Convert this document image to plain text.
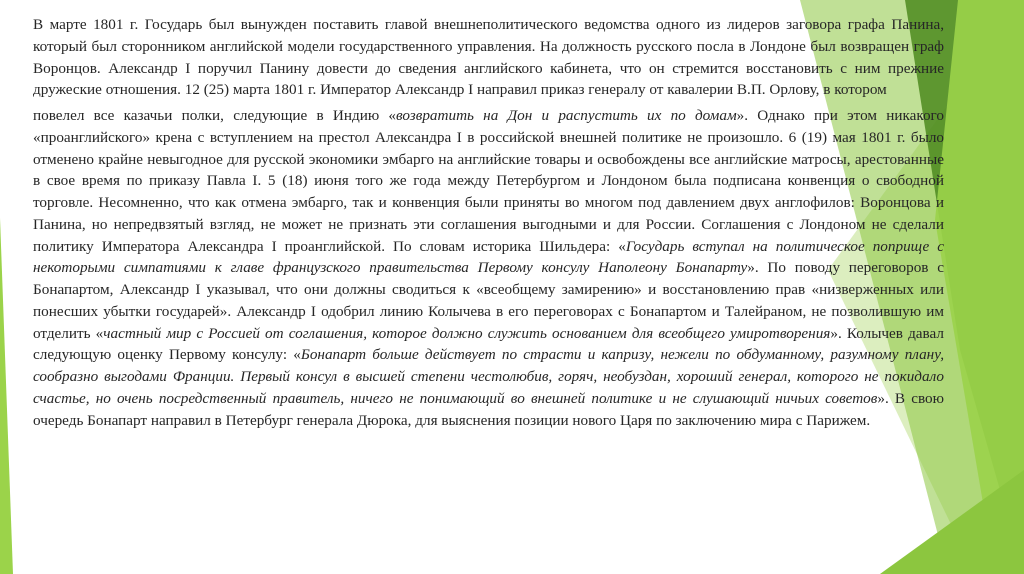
В марте 1801 г. Государь был вынужден поставить главой внешнеполитического ведомства одного из лидеров заговора графа Панина, который был сторонником английской модели государственного управления. На должность русского посла в Лондоне был возвращен граф Воронцов. Александр I поручил Панину довести до сведения английского кабинета, что он стремится восстановить с ним прежние дружеские отношения. 12 (25) марта 1801 г. Император Александр I направил приказ генералу от кавалерии В.П. Орлову, в котором
повелел все казачьи полки, следующие в Индию «возвратить на Дон и распустить их по домам». Однако при этом никакого «проанглийского» крена с вступлением на престол Александра I в российской внешней политике не произошло. 6 (19) мая 1801 г. было отменено крайне невыгодное для русской экономики эмбарго на английские товары и освобождены все английские матросы, арестованные в свое время по приказу Павла I. 5 (18) июня того же года между Петербургом и Лондоном была подписана конвенция о свободной торговле. Несомненно, что как отмена эмбарго, так и конвенция были приняты во многом под давлением двух англофилов: Воронцова и Панина, но непредвзятый взгляд, не может не признать эти соглашения выгодными и для России. Соглашения с Лондоном не сделали политику Императора Александра I проанглийской. По словам историка Шильдера: «Государь вступал на политическое поприще с некоторыми симпатиями к главе французского правительства Первому консулу Наполеону Бонапарту». По поводу переговоров с Бонапартом, Александр I указывал, что они должны сводиться к «всеобщему замирению» и восстановлению прав «низверженных или понесших убытки государей». Александр I одобрил линию Колычева в его переговорах с Бонапартом и Талейраном, не позволившую им отделить «частный мир с Россией от соглашения, которое должно служить основанием для всеобщего умиротворения». Колычев давал следующую оценку Первому консулу: «Бонапарт больше действует по страсти и капризу, нежели по обдуманному, разумному плану, сообразно выгодами Франции. Первый консул в высшей степени честолюбив, горяч, необуздан, хороший генерал, которого не покидало счастье, но очень посредственный правитель, ничего не понимающий во внешней политике и не слушающий ничьих советов». В свою очередь Бонапарт направил в Петербург генерала Дюрока, для выяснения позиции нового Царя по заключению мира с Парижем.
